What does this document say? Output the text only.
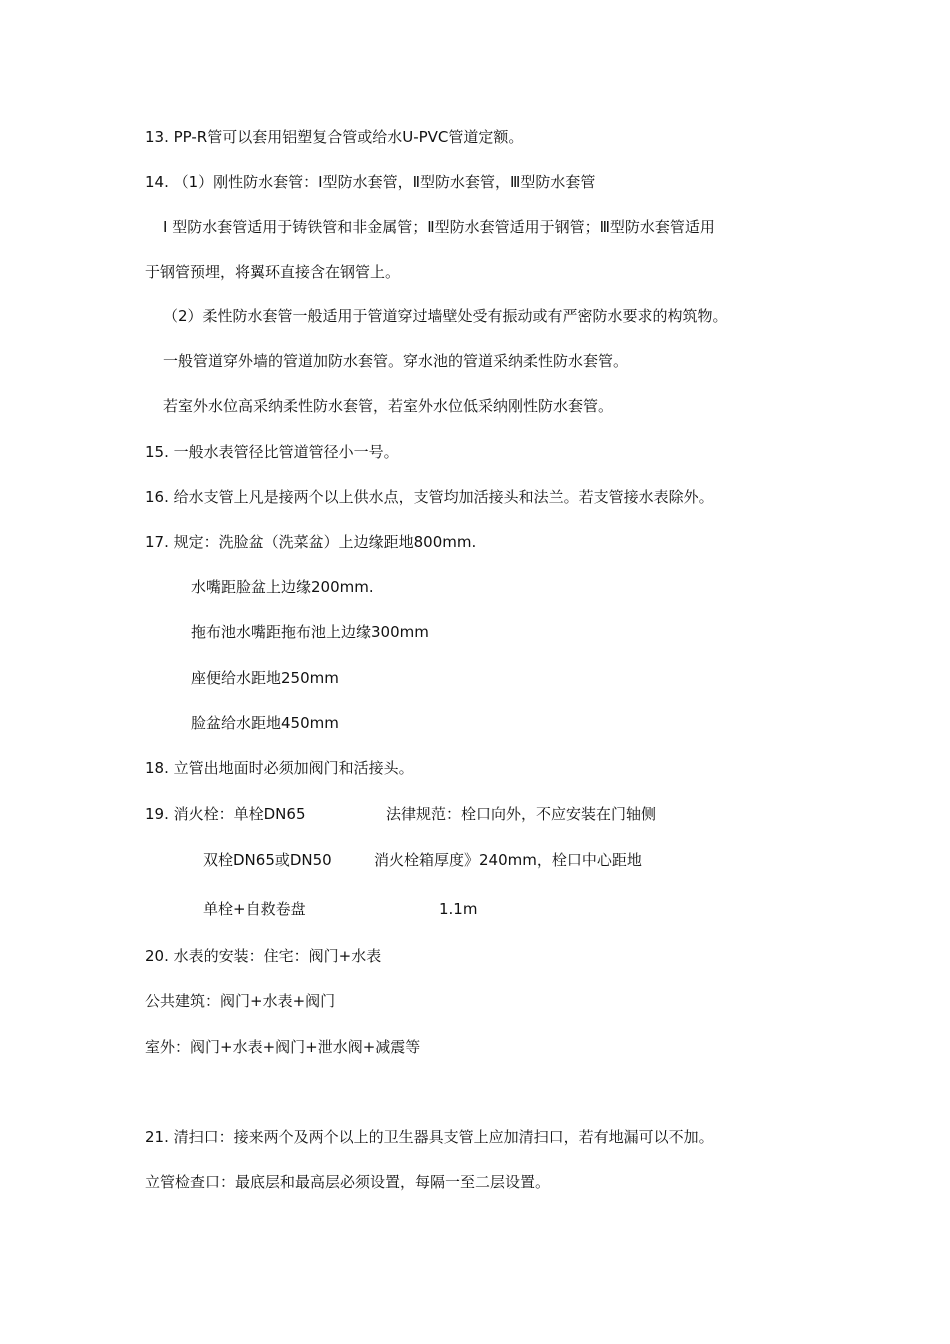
13. PP-R管可以套用铝塑复合管或给水U-PVC管道定额。
14. （1）刚性防水套管：Ⅰ型防水套管，Ⅱ型防水套管，Ⅲ型防水套管
Ⅰ 型防水套管适用于铸铁管和非金属管；Ⅱ型防水套管适用于钢管；Ⅲ型防水套管适用
于钢管预埋，将翼环直接含在钢管上。
（2）柔性防水套管一般适用于管道穿过墙壁处受有振动或有严密防水要求的构筑物。
一般管道穿外墙的管道加防水套管。穿水池的管道采纳柔性防水套管。
若室外水位高采纳柔性防水套管，若室外水位低采纳刚性防水套管。
15. 一般水表管径比管道管径小一号。
16. 给水支管上凡是接两个以上供水点，支管均加活接头和法兰。若支管接水表除外。
17. 规定：洗脸盆（洗菜盆）上边缘距地800mm.
水嘴距脸盆上边缘200mm.
拖布池水嘴距拖布池上边缘300mm
座便给水距地250mm
脸盆给水距地450mm
18. 立管出地面时必须加阀门和活接头。
19. 消火栓：单栓DN65	法律规范：栓口向外，不应安装在门轴侧
双栓DN65或DN50	消火栓箱厚度》240mm，栓口中心距地
单栓+自救卷盘	1.1m
20. 水表的安装：住宅：阀门+水表
公共建筑：阀门+水表+阀门
室外：阀门+水表+阀门+泄水阀+减震等
21. 清扫口：接来两个及两个以上的卫生器具支管上应加清扫口，若有地漏可以不加。
立管检查口：最底层和最高层必须设置，每隔一至二层设置。
